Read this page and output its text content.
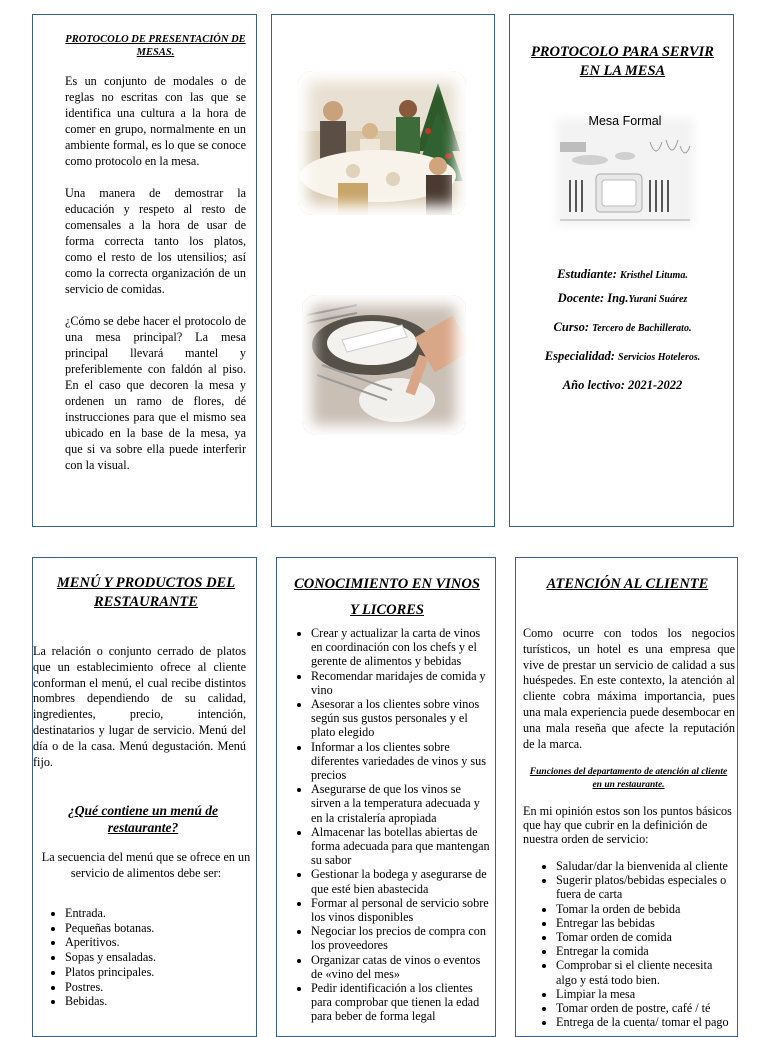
PROTOCOLO DE PRESENTACIÓN DE MESAS.

Es un conjunto de modales o de reglas no escritas con las que se identifica una cultura a la hora de comer en grupo, normalmente en un ambiente formal, es lo que se conoce como protocolo en la mesa.

Una manera de demostrar la educación y respeto al resto de comensales a la hora de usar de forma correcta tanto los platos, como el resto de los utensilios; así como la correcta organización de un servicio de comidas.

¿Cómo se debe hacer el protocolo de una mesa principal? La mesa principal llevará mantel y preferiblemente con faldón al piso. En el caso que decoren la mesa y ordenen un ramo de flores, dé instrucciones para que el mismo sea ubicado en la base de la mesa, ya que si va sobre ella puede interferir con la visual.

PROTOCOLO PARA SERVIR EN LA MESA
Mesa Formal
Estudiante: Kristhel Lituma.
Docente: Ing.Yurani Suárez
Curso: Tercero de Bachillerato.
Especialidad: Servicios Hoteleros.
Año lectivo: 2021-2022
MENÚ Y PRODUCTOS DEL RESTAURANTE

La relación o conjunto cerrado de platos que un establecimiento ofrece al cliente conforman el menú, el cual recibe distintos nombres dependiendo de su calidad, ingredientes, precio, intención, destinatarios y lugar de servicio. Menú del día o de la casa. Menú degustación. Menú fijo.

¿Qué contiene un menú de restaurante?

La secuencia del menú que se ofrece en un servicio de alimentos debe ser:

• Entrada.
• Pequeñas botanas.
• Aperitivos.
• Sopas y ensaladas.
• Platos principales.
• Postres.
• Bebidas.
CONOCIMIENTO EN VINOS
Y LICORES
• Crear y actualizar la carta de vinos en coordinación con los chefs y el gerente de alimentos y bebidas
• Recomendar maridajes de comida y vino
• Asesorar a los clientes sobre vinos según sus gustos personales y el plato elegido
• Informar a los clientes sobre diferentes variedades de vinos y sus precios
• Asegurarse de que los vinos se sirven a la temperatura adecuada y en la cristalería apropiada
• Almacenar las botellas abiertas de forma adecuada para que mantengan su sabor
• Gestionar la bodega y asegurarse de que esté bien abastecida
• Formar al personal de servicio sobre los vinos disponibles
• Negociar los precios de compra con los proveedores
• Organizar catas de vinos o eventos de «vino del mes»
• Pedir identificación a los clientes para comprobar que tienen la edad para beber de forma legal
ATENCIÓN AL CLIENTE

Como ocurre con todos los negocios turísticos, un hotel es una empresa que vive de prestar un servicio de calidad a sus huéspedes. En este contexto, la atención al cliente cobra máxima importancia, pues una mala experiencia puede desembocar en una mala reseña que afecte la reputación de la marca.

Funciones del departamento de atención al cliente en un restaurante.

En mi opinión estos son los puntos básicos que hay que cubrir en la definición de nuestra orden de servicio:

• Saludar/dar la bienvenida al cliente
• Sugerir platos/bebidas especiales o fuera de carta
• Tomar la orden de bebida
• Entregar las bebidas
• Tomar orden de comida
• Entregar la comida
• Comprobar si el cliente necesita algo y está todo bien.
• Limpiar la mesa
• Tomar orden de postre, café / té
• Entrega de la cuenta/ tomar el pago
